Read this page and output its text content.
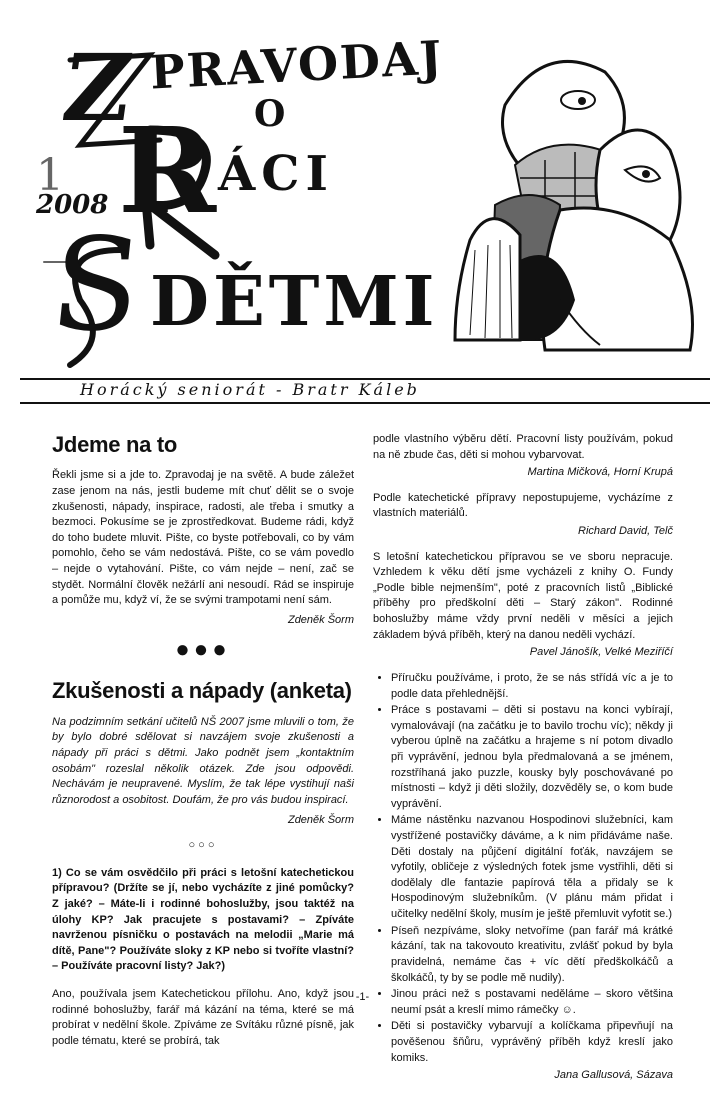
1
2008
Z PRAVODAJ
R O
ÁCI
S DĚTMI
Horácký seniorát - Bratr Káleb
Jdeme na to

Řekli jsme si a jde to. Zpravodaj je na světě. A bude záležet zase jenom na nás, jestli budeme mít chuť dělit se o svoje zkušenosti, nápady, inspirace, radosti, ale třeba i smutky a bezmoci. Pokusíme se je zprostředkovat. Budeme rádi, když do toho budete mluvit. Pište, co byste potřebovali, co by vám pomohlo, čeho se vám nedostává. Pište, co se vám povedlo – nejde o vytahování. Pište, co vám nejde – není, zač se stydět. Normální člověk nežárlí ani nesoudí. Rád se inspiruje a pomůže mu, když ví, že se svými trampotami není sám.

Zdeněk Šorm
●●●
Zkušenosti a nápady (anketa)

Na podzimním setkání učitelů NŠ 2007 jsme mluvili o tom, že by bylo dobré sdělovat si navzájem svoje zkušenosti a nápady při práci s dětmi. Jako podnět jsem „kontaktním osobám" rozeslal několik otázek. Zde jsou odpovědi. Nechávám je neupravené. Myslím, že tak lépe vystihují naši různorodost a osobitost. Doufám, že pro vás budou inspirací.

Zdeněk Šorm
○○○

1) Co se vám osvědčilo při práci s letošní katechetickou přípravou? (Držíte se jí, nebo vycházíte z jiné pomůcky? Z jaké? – Máte-li i rodinné bohoslužby, jsou taktéž na úlohy KP? Jak pracujete s postavami? – Zpíváte navrženou písničku o postavách na melodii „Marie má dítě, Pane"? Používáte sloky z KP nebo si tvoříte vlastní? – Používáte pracovní listy? Jak?)

Ano, používala jsem Katechetickou přílohu. Ano, když jsou rodinné bohoslužby, farář má kázání na téma, které se má probírat v nedělní škole. Zpíváme ze Svítáku různé písně, jak podle tématu, které se probírá, tak

podle vlastního výběru dětí. Pracovní listy používám, pokud na ně zbude čas, děti si mohou vybarvovat.

Martina Mičková, Horní Krupá

Podle katechetické přípravy nepostupujeme, vycházíme z vlastních materiálů.

Richard David, Telč

S letošní katechetickou přípravou se ve sboru nepracuje. Vzhledem k věku dětí jsme vycházeli z knihy O. Fundy „Podle bible nejmenším", poté z pracovních listů „Biblické příběhy pro předškolní děti – Starý zákon". Rodinné bohoslužby máme vždy první neděli v měsíci a jejich základem bývá příběh, který na danou neděli vychází.

Pavel Jánošík, Velké Meziříčí
• Příručku používáme, i proto, že se nás střídá víc a je to podle data přehlednější.
• Práce s postavami – děti si postavu na konci vybírají, vymalovávají (na začátku je to bavilo trochu víc); někdy ji vyberou úplně na začátku a hrajeme s ní potom divadlo při vyprávění, jednou byla předmalovaná a se jménem, rozstříhaná jako puzzle, kousky byly poschovávané po místnosti – když ji děti složily, dozvěděly se, o kom bude vyprávění.
• Máme nástěnku nazvanou Hospodinovi služebníci, kam vystřížené postavičky dáváme, a k nim přidáváme naše. Děti dostaly na půjčení digitální foťák, navzájem se vyfotily, obličeje z výsledných fotek jsme vystřihli, děti si dodělaly dle fantazie papírová těla a přidaly se k Hospodinovým služebníkům. (V plánu mám přidat i učitelky nedělní školy, musím je ještě přemluvit vyfotit se.)
• Píseň nezpíváme, sloky netvoříme (pan farář má krátké kázání, tak na takovouto kreativitu, zvlášť pokud by byla pravidelná, nemáme čas + víc dětí předškolkáčů a školkáčů, ty by se podle mě nudily).
• Jinou práci než s postavami neděláme – skoro většina neumí psát a kreslí mimo rámečky ☺.
• Děti si postavičky vybarvují a kolíčkama připevňují na pověšenou šňůru, vyprávěný příběh když kreslí jako komiks.
Jana Gallusová, Sázava
-1-
